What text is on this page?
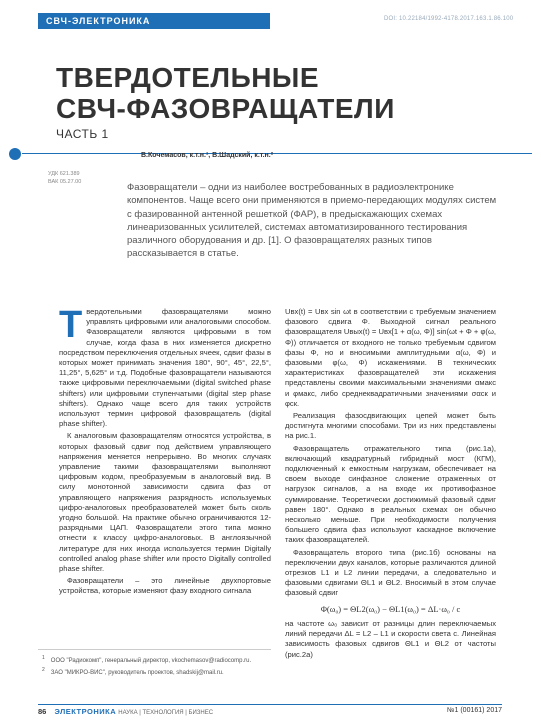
СВЧ-ЭЛЕКТРОНИКА	DOI: 10.22184/1992-4178.2017.163.1.86.100
ТВЕРДОТЕЛЬНЫЕ
СВЧ-ФАЗОВРАЩАТЕЛИ
ЧАСТЬ 1
В.Кочемасов, к.т.н.¹, В.Шадский, к.т.н.²
УДК 621.389
ВАК 05.27.00	Фазовращатели – одни из наиболее востребованных в радиоэлектронике компонентов. Чаще всего они применяются в приемо-передающих модулях систем с фазированной антенной решеткой (ФАР), в предыскажающих схемах линеаризованных усилителей, системах автоматизированного тестирования различного оборудования и др. [1]. О фазовращателях разных типов рассказывается в статье.

Твердотельными фазовращателями можно управлять цифровыми или аналоговыми способом. Фазовращатели являются цифровыми в том случае, когда фаза в них изменяется дискретно посредством переключения отдельных ячеек, сдвиг фазы в которых может принимать значения 180°, 90°, 45°, 22,5°, 11,25°, 5,625° и т.д. Подобные фазовращатели называются также цифровыми переключаемыми (digital switched phase shifters) или цифровыми ступенчатыми (digital step phase shifters). Однако чаще всего для таких устройств используют термин цифровой фазовращатель (digital phase shifter).

К аналоговым фазовращателям относятся устройства, в которых фазовый сдвиг под действием управляющего напряжения меняется непрерывно. Во многих случаях управление такими фазовращателями выполняют цифровым кодом, преобразуемым в аналоговый вид. В силу монотонной зависимости сдвига фаз от управляющего напряжения разрядность используемых цифро-аналоговых преобразователей может быть сколь угодно большой. На практике обычно ограничиваются 12-разрядными ЦАП. Фазовращатели этого типа можно отнести к классу цифро-аналоговых. В англоязычной литературе для них иногда используется термин Digitally controlled analog phase shifter или просто Digitally controlled phase shifter.

Фазовращатели – это линейные двухпортовые устройства, которые изменяют фазу входного сигнала

Uвх(t) = Uвх sin ωt в соответствии с требуемым значением фазового сдвига Φ. Выходной сигнал реального фазовращателя Uвых(t) = Uвх[1 + α(ω, Φ)] sin(ωt + Φ + φ(ω, Φ)) отличается от входного не только требуемым сдвигом фазы Φ, но и вносимыми амплитудными α(ω, Φ) и фазовыми φ(ω, Φ) искажениями. В технических характеристиках фазовращателей эти искажения представлены своими максимальными значениями αмакс и φмакс, либо среднеквадратичными значениями σαск и φск.

Реализация фазосдвигающих цепей может быть достигнута многими способами. Три из них представлены на рис.1.

Фазовращатель отражательного типа (рис.1а), включающий квадратурный гибридный мост (КГМ), подключенный к емкостным нагрузкам, обеспечивает на своем выходе синфазное сложение отраженных от нагрузок сигналов, а на входе их противофазное суммирование. Теоретически достижимый фазовый сдвиг равен 180°. Однако в реальных схемах он обычно несколько меньше. При необходимости получения большего сдвига фаз используют каскадное включение таких фазовращателей.

Фазовращатель второго типа (рис.1б) основаны на переключении двух каналов, которые различаются длиной отрезков L1 и L2 линии передачи, а следовательно и фазовыми сдвигами ΘL1 и ΘL2. Вносимый в этом случае фазовый сдвиг

Φ(ω₀) = ΘL2(ω₀) − ΘL1(ω₀) = ΔL·ω₀ / c

на частоте ω₀ зависит от разницы длин переключаемых линий передачи ΔL = L2 – L1 и скорости света c. Линейная зависимость фазовых сдвигов ΘL1 и ΘL2 от частоты (рис.2а)

$^1$ ООО "Радиокомп", генеральный директор, vkochemasov@radiocomp.ru.
$^2$ ЗАО "МИКРО-ВИС", руководитель проектов, shadskij@mail.ru.
86 ЭЛЕКТРОНИКА НАУКА | ТЕХНОЛОГИЯ | БИЗНЕС	№1 (00161) 2017
